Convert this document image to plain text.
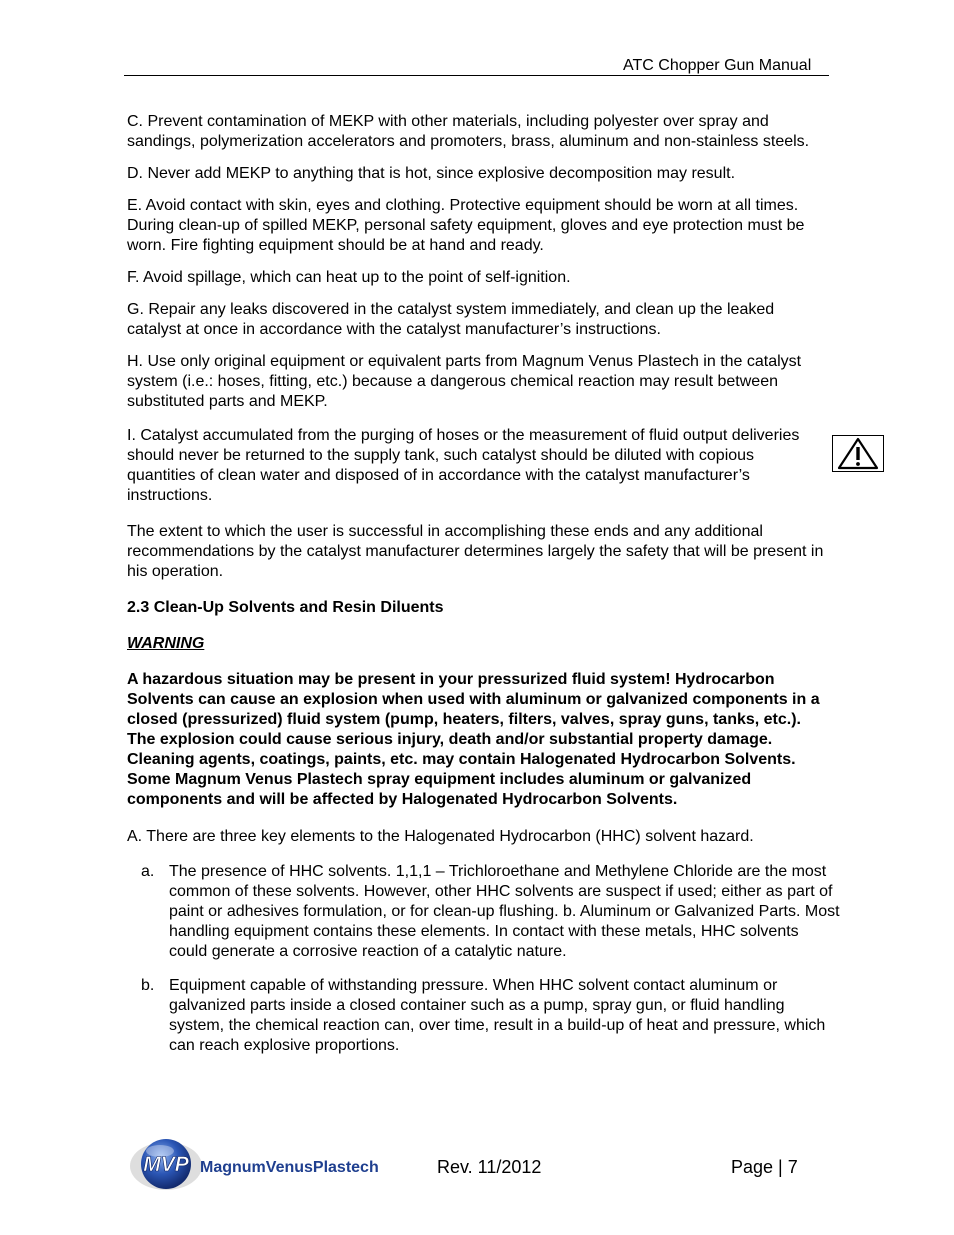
ATC Chopper Gun Manual

C. Prevent contamination of MEKP with other materials, including polyester over spray and sandings, polymerization accelerators and promoters, brass, aluminum and non-stainless steels.

D. Never add MEKP to anything that is hot, since explosive decomposition may result.

E. Avoid contact with skin, eyes and clothing. Protective equipment should be worn at all times. During clean-up of spilled MEKP, personal safety equipment, gloves and eye protection must be worn. Fire fighting equipment should be at hand and ready.

F. Avoid spillage, which can heat up to the point of self-ignition.

G. Repair any leaks discovered in the catalyst system immediately, and clean up the leaked catalyst at once in accordance with the catalyst manufacturer’s instructions.

H. Use only original equipment or equivalent parts from Magnum Venus Plastech in the catalyst system (i.e.: hoses, fitting, etc.) because a dangerous chemical reaction may result between substituted parts and MEKP.

I. Catalyst accumulated from the purging of hoses or the measurement of fluid output deliveries should never be returned to the supply tank, such catalyst should be diluted with copious quantities of clean water and disposed of in accordance with the catalyst manufacturer’s instructions.

The extent to which the user is successful in accomplishing these ends and any additional recommendations by the catalyst manufacturer determines largely the safety that will be present in his operation.

2.3 Clean-Up Solvents and Resin Diluents

WARNING

A hazardous situation may be present in your pressurized fluid system! Hydrocarbon Solvents can cause an explosion when used with aluminum or galvanized components in a closed (pressurized) fluid system (pump, heaters, filters, valves, spray guns, tanks, etc.). The explosion could cause serious injury, death and/or substantial property damage. Cleaning agents, coatings, paints, etc. may contain Halogenated Hydrocarbon Solvents. Some Magnum Venus Plastech spray equipment includes aluminum or galvanized components and will be affected by Halogenated Hydrocarbon Solvents.

A. There are three key elements to the Halogenated Hydrocarbon (HHC) solvent hazard.

a. The presence of HHC solvents. 1,1,1 – Trichloroethane and Methylene Chloride are the most common of these solvents. However, other HHC solvents are suspect if used; either as part of paint or adhesives formulation, or for clean-up flushing. b. Aluminum or Galvanized Parts. Most handling equipment contains these elements. In contact with these metals, HHC solvents could generate a corrosive reaction of a catalytic nature.
b. Equipment capable of withstanding pressure. When HHC solvent contact aluminum or galvanized parts inside a closed container such as a pump, spray gun, or fluid handling system, the chemical reaction can, over time, result in a build-up of heat and pressure, which can reach explosive proportions.
MVP MagnumVenusPlastech	Rev. 11/2012	Page | 7
